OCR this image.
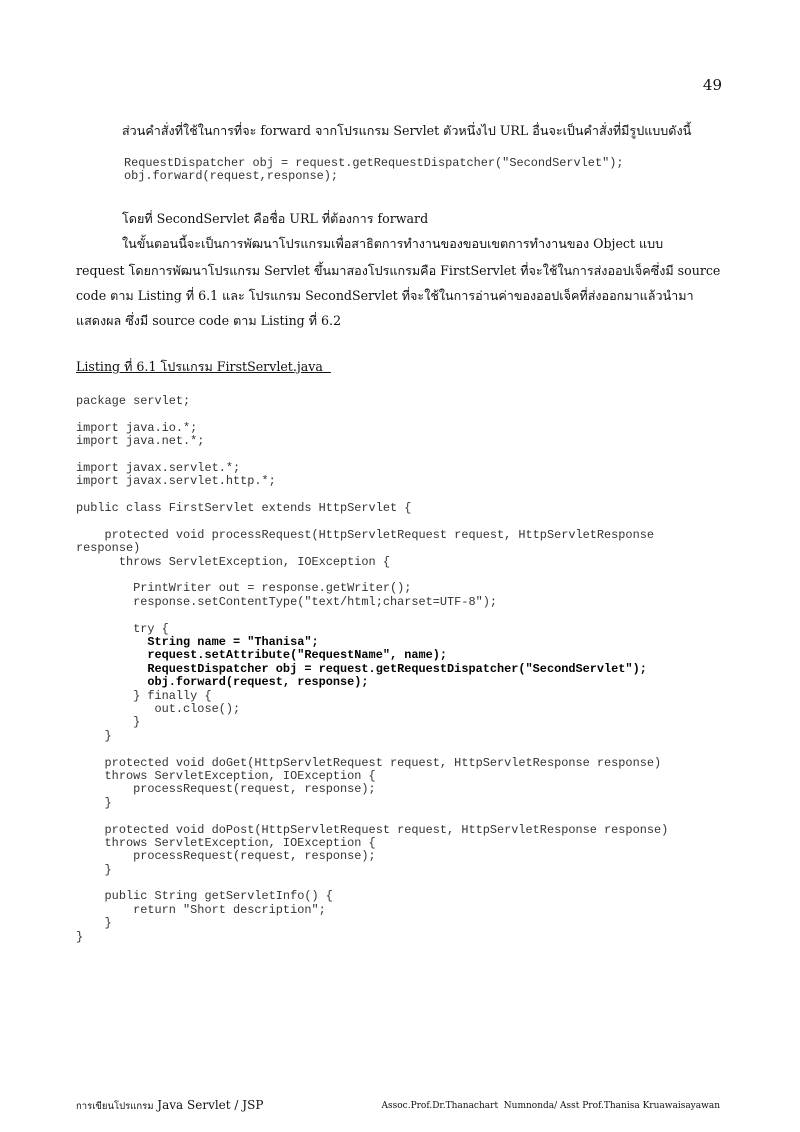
49
ส่วนคำสั่งที่ใช้ในการที่จะ forward จากโปรแกรม Servlet ตัวหนึ่งไป URL อื่นจะเป็นคำสั่งที่มีรูปแบบดังนี้
RequestDispatcher obj = request.getRequestDispatcher("SecondServlet");
obj.forward(request,response);
โดยที่ SecondServlet คือชื่อ URL ที่ต้องการ forward
ในขั้นตอนนี้จะเป็นการพัฒนาโปรแกรมเพื่อสาธิตการทำงานของขอบเขตการทำงานของ Object แบบ
request โดยการพัฒนาโปรแกรม Servlet ขึ้นมาสองโปรแกรมคือ FirstServlet ที่จะใช้ในการส่งออปเจ็คซึ่งมี source
code ตาม Listing ที่ 6.1 และ โปรแกรม SecondServlet ที่จะใช้ในการอ่านค่าของออปเจ็คที่ส่งออกมาแล้วนำมา
แสดงผล ซึ่งมี source code ตาม Listing ที่ 6.2
Listing ที่ 6.1 โปรแกรม FirstServlet.java
package servlet;
import java.io.*;
import java.net.*;
import javax.servlet.*;
import javax.servlet.http.*;
public class FirstServlet extends HttpServlet {
protected void processRequest(HttpServletRequest request, HttpServletResponse
response)
throws ServletException, IOException {
PrintWriter out = response.getWriter();
response.setContentType("text/html;charset=UTF-8");
try {
String name = "Thanisa";
request.setAttribute("RequestName", name);
RequestDispatcher obj = request.getRequestDispatcher("SecondServlet");
obj.forward(request, response);
} finally {
out.close();
}
}
protected void doGet(HttpServletRequest request, HttpServletResponse response)
throws ServletException, IOException {
processRequest(request, response);
}
protected void doPost(HttpServletRequest request, HttpServletResponse response)
throws ServletException, IOException {
processRequest(request, response);
}
public String getServletInfo() {
return "Short description";
}
}
การเขียนโปรแกรม Java Servlet / JSP	Assoc.Prof.Dr.Thanachart  Numnonda/ Asst Prof.Thanisa Kruawaisayawan
